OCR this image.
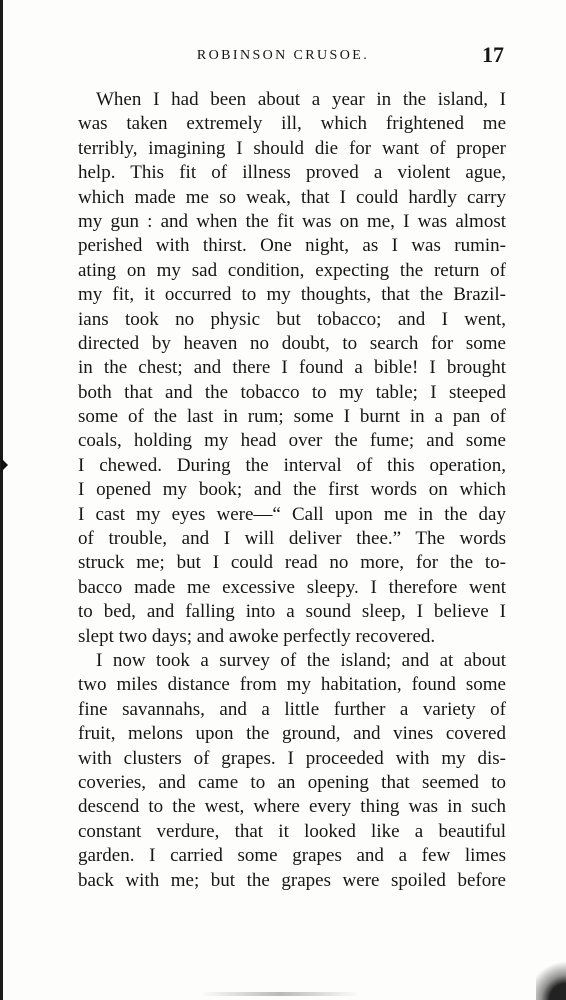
ROBINSON CRUSOE.	17
When I had been about a year in the island, I
was taken extremely ill, which frightened me
terribly, imagining I should die for want of proper
help. This fit of illness proved a violent ague,
which made me so weak, that I could hardly carry
my gun : and when the fit was on me, I was almost
perished with thirst. One night, as I was rumin-
ating on my sad condition, expecting the return of
my fit, it occurred to my thoughts, that the Brazil-
ians took no physic but tobacco; and I went,
directed by heaven no doubt, to search for some
in the chest; and there I found a bible! I brought
both that and the tobacco to my table; I steeped
some of the last in rum; some I burnt in a pan of
coals, holding my head over the fume; and some
I chewed. During the interval of this operation,
I opened my book; and the first words on which
I cast my eyes were—“ Call upon me in the day
of trouble, and I will deliver thee.” The words
struck me; but I could read no more, for the to-
bacco made me excessive sleepy. I therefore went
to bed, and falling into a sound sleep, I believe I
slept two days; and awoke perfectly recovered.
I now took a survey of the island; and at about
two miles distance from my habitation, found some
fine savannahs, and a little further a variety of
fruit, melons upon the ground, and vines covered
with clusters of grapes. I proceeded with my dis-
coveries, and came to an opening that seemed to
descend to the west, where every thing was in such
constant verdure, that it looked like a beautiful
garden. I carried some grapes and a few limes
back with me; but the grapes were spoiled before
